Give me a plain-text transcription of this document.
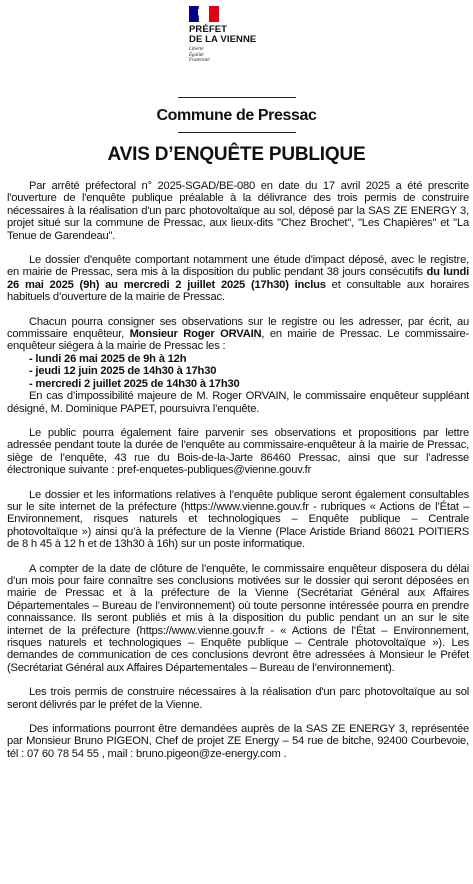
PRÉFET
DE LA VIENNE
Liberté
Égalité
Fraternité
Commune de Pressac
AVIS D’ENQUÊTE PUBLIQUE

Par arrêté préfectoral n° 2025-SGAD/BE-080 en date du 17 avril 2025 a été prescrite l'ouverture de l'enquête publique préalable à la délivrance des trois permis de construire nécessaires à la réalisation d'un parc photovoltaïque au sol, déposé par la SAS ZE ENERGY 3, projet situé sur la commune de Pressac, aux lieux-dits "Chez Brochet", "Les Chapières" et "La Tenue de Garendeau".

Le dossier d'enquête comportant notamment une étude d'impact déposé, avec le registre, en mairie de Pressac, sera mis à la disposition du public pendant 38 jours consécutifs du lundi 26 mai 2025 (9h) au mercredi 2 juillet 2025 (17h30) inclus et consultable aux horaires habituels d’ouverture de la mairie de Pressac.

Chacun pourra consigner ses observations sur le registre ou les adresser, par écrit, au commissaire enquêteur, Monsieur Roger ORVAIN, en mairie de Pressac. Le commissaire-enquêteur siégera à la mairie de Pressac les :

- lundi 26 mai 2025 de 9h à 12h
- jeudi 12 juin 2025 de 14h30 à 17h30
- mercredi 2 juillet 2025 de 14h30 à 17h30

En cas d’impossibilité majeure de M. Roger ORVAIN, le commissaire enquêteur suppléant désigné, M. Dominique PAPET, poursuivra l’enquête.

Le public pourra également faire parvenir ses observations et propositions par lettre adressée pendant toute la durée de l’enquête au commissaire-enquêteur à la mairie de Pressac, siège de l’enquête, 43 rue du Bois-de-la-Jarte 86460 Pressac, ainsi que sur l’adresse électronique suivante : pref-enquetes-publiques@vienne.gouv.fr

Le dossier et les informations relatives à l’enquête publique seront également consultables sur le site internet de la préfecture (https://www.vienne.gouv.fr - rubriques « Actions de l’État – Environnement, risques naturels et technologiques – Enquête publique – Centrale photovoltaïque ») ainsi qu’à la préfecture de la Vienne (Place Aristide Briand 86021 POITIERS de 8 h 45 à 12 h et de 13h30 à 16h) sur un poste informatique.

A compter de la date de clôture de l’enquête, le commissaire enquêteur disposera du délai d’un mois pour faire connaître ses conclusions motivées sur le dossier qui seront déposées en mairie de Pressac et à la préfecture de la Vienne (Secrétariat Général aux Affaires Départementales – Bureau de l’environnement) où toute personne intéressée pourra en prendre connaissance. Ils seront publiés et mis à la disposition du public pendant un an sur le site internet de la préfecture (https://www.vienne.gouv.fr - « Actions de l’État – Environnement, risques naturels et technologiques – Enquête publique – Centrale photovoltaïque »). Les demandes de communication de ces conclusions devront être adressées à Monsieur le Préfet (Secrétariat Général aux Affaires Départementales – Bureau de l’environnement).

Les trois permis de construire nécessaires à la réalisation d'un parc photovoltaïque au sol seront délivrés par le préfet de la Vienne.

Des informations pourront être demandées auprès de la SAS ZE ENERGY 3, représentée par Monsieur Bruno PIGEON, Chef de projet ZE Energy – 54 rue de bitche, 92400 Courbevoie, tél : 07 60 78 54 55 , mail : bruno.pigeon@ze-energy.com .
